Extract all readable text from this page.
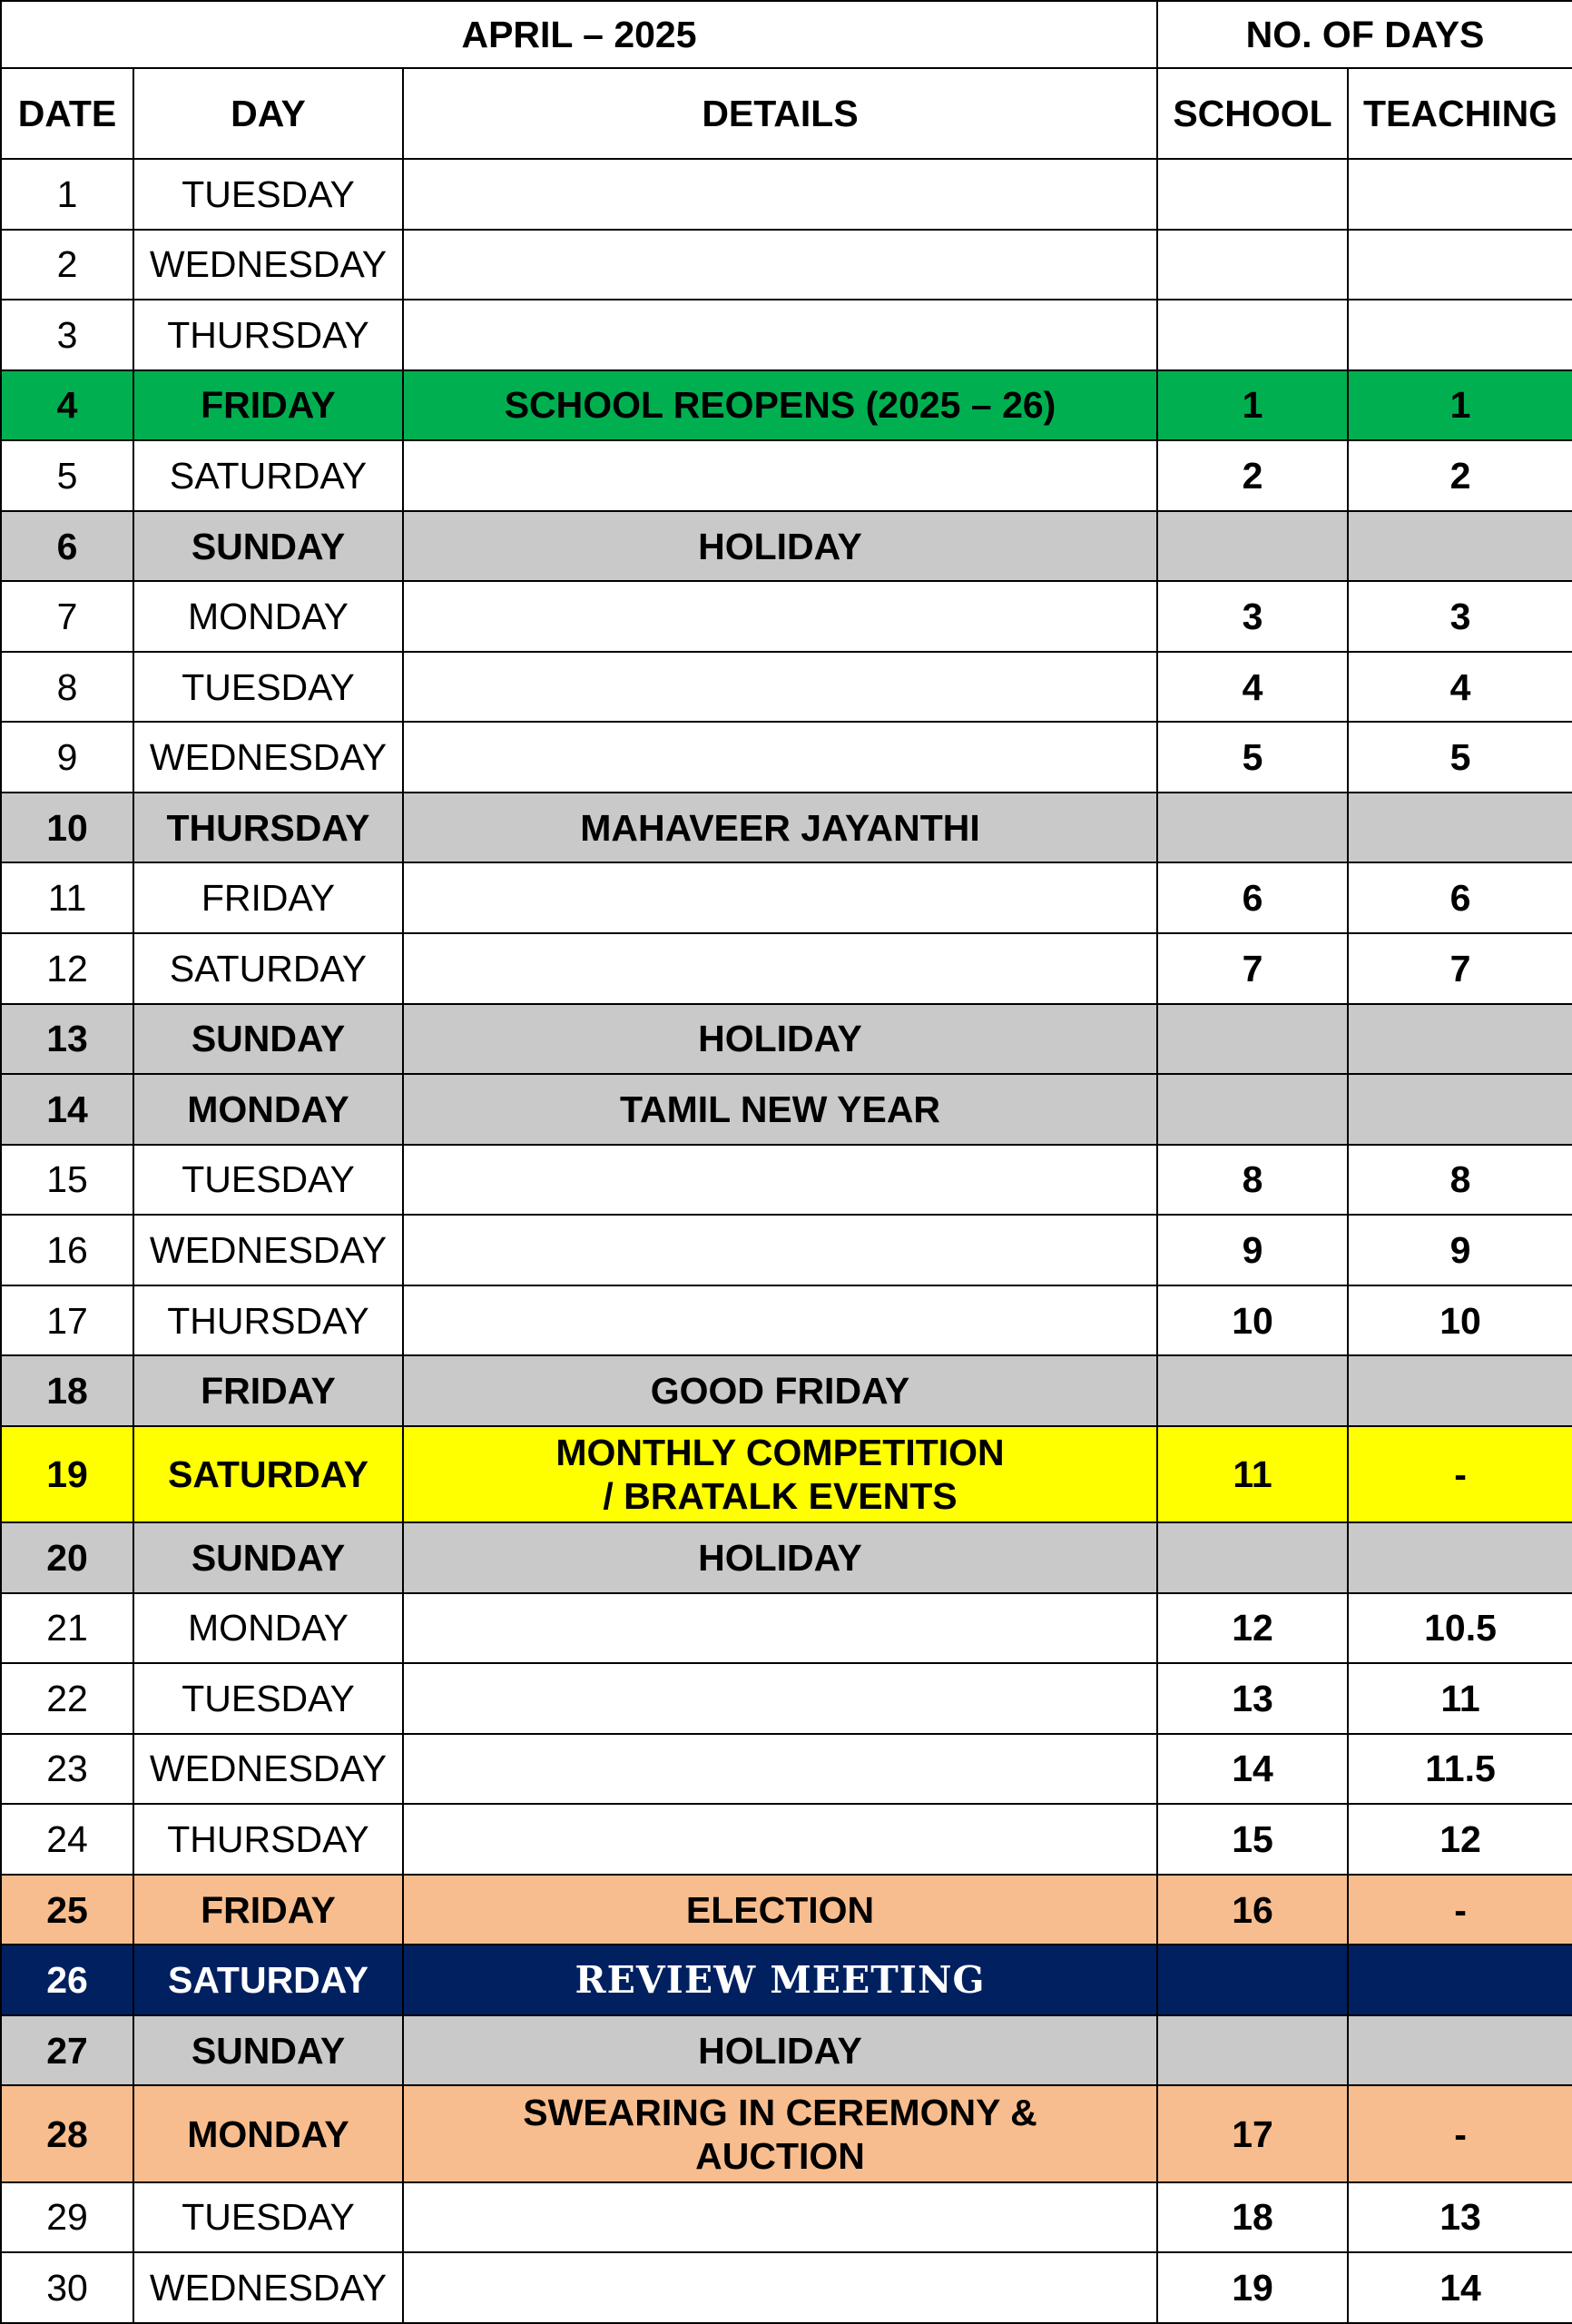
APRIL – 2025			NO. OF DAYS	
DATE	DAY	DETAILS	SCHOOL	TEACHING
1	TUESDAY			
2	WEDNESDAY			
3	THURSDAY			
4	FRIDAY	SCHOOL REOPENS (2025 – 26)	1	1
5	SATURDAY		2	2
6	SUNDAY	HOLIDAY		
7	MONDAY		3	3
8	TUESDAY		4	4
9	WEDNESDAY		5	5
10	THURSDAY	MAHAVEER JAYANTHI		
11	FRIDAY		6	6
12	SATURDAY		7	7
13	SUNDAY	HOLIDAY		
14	MONDAY	TAMIL NEW YEAR		
15	TUESDAY		8	8
16	WEDNESDAY		9	9
17	THURSDAY		10	10
18	FRIDAY	GOOD FRIDAY		
19	SATURDAY	MONTHLY COMPETITION
/ BRATALK EVENTS	11	-
20	SUNDAY	HOLIDAY		
21	MONDAY		12	10.5
22	TUESDAY		13	11
23	WEDNESDAY		14	11.5
24	THURSDAY		15	12
25	FRIDAY	ELECTION	16	-
26	SATURDAY	REVIEW MEETING		
27	SUNDAY	HOLIDAY		
28	MONDAY	SWEARING IN CEREMONY &
AUCTION	17	-
29	TUESDAY		18	13
30	WEDNESDAY		19	14
